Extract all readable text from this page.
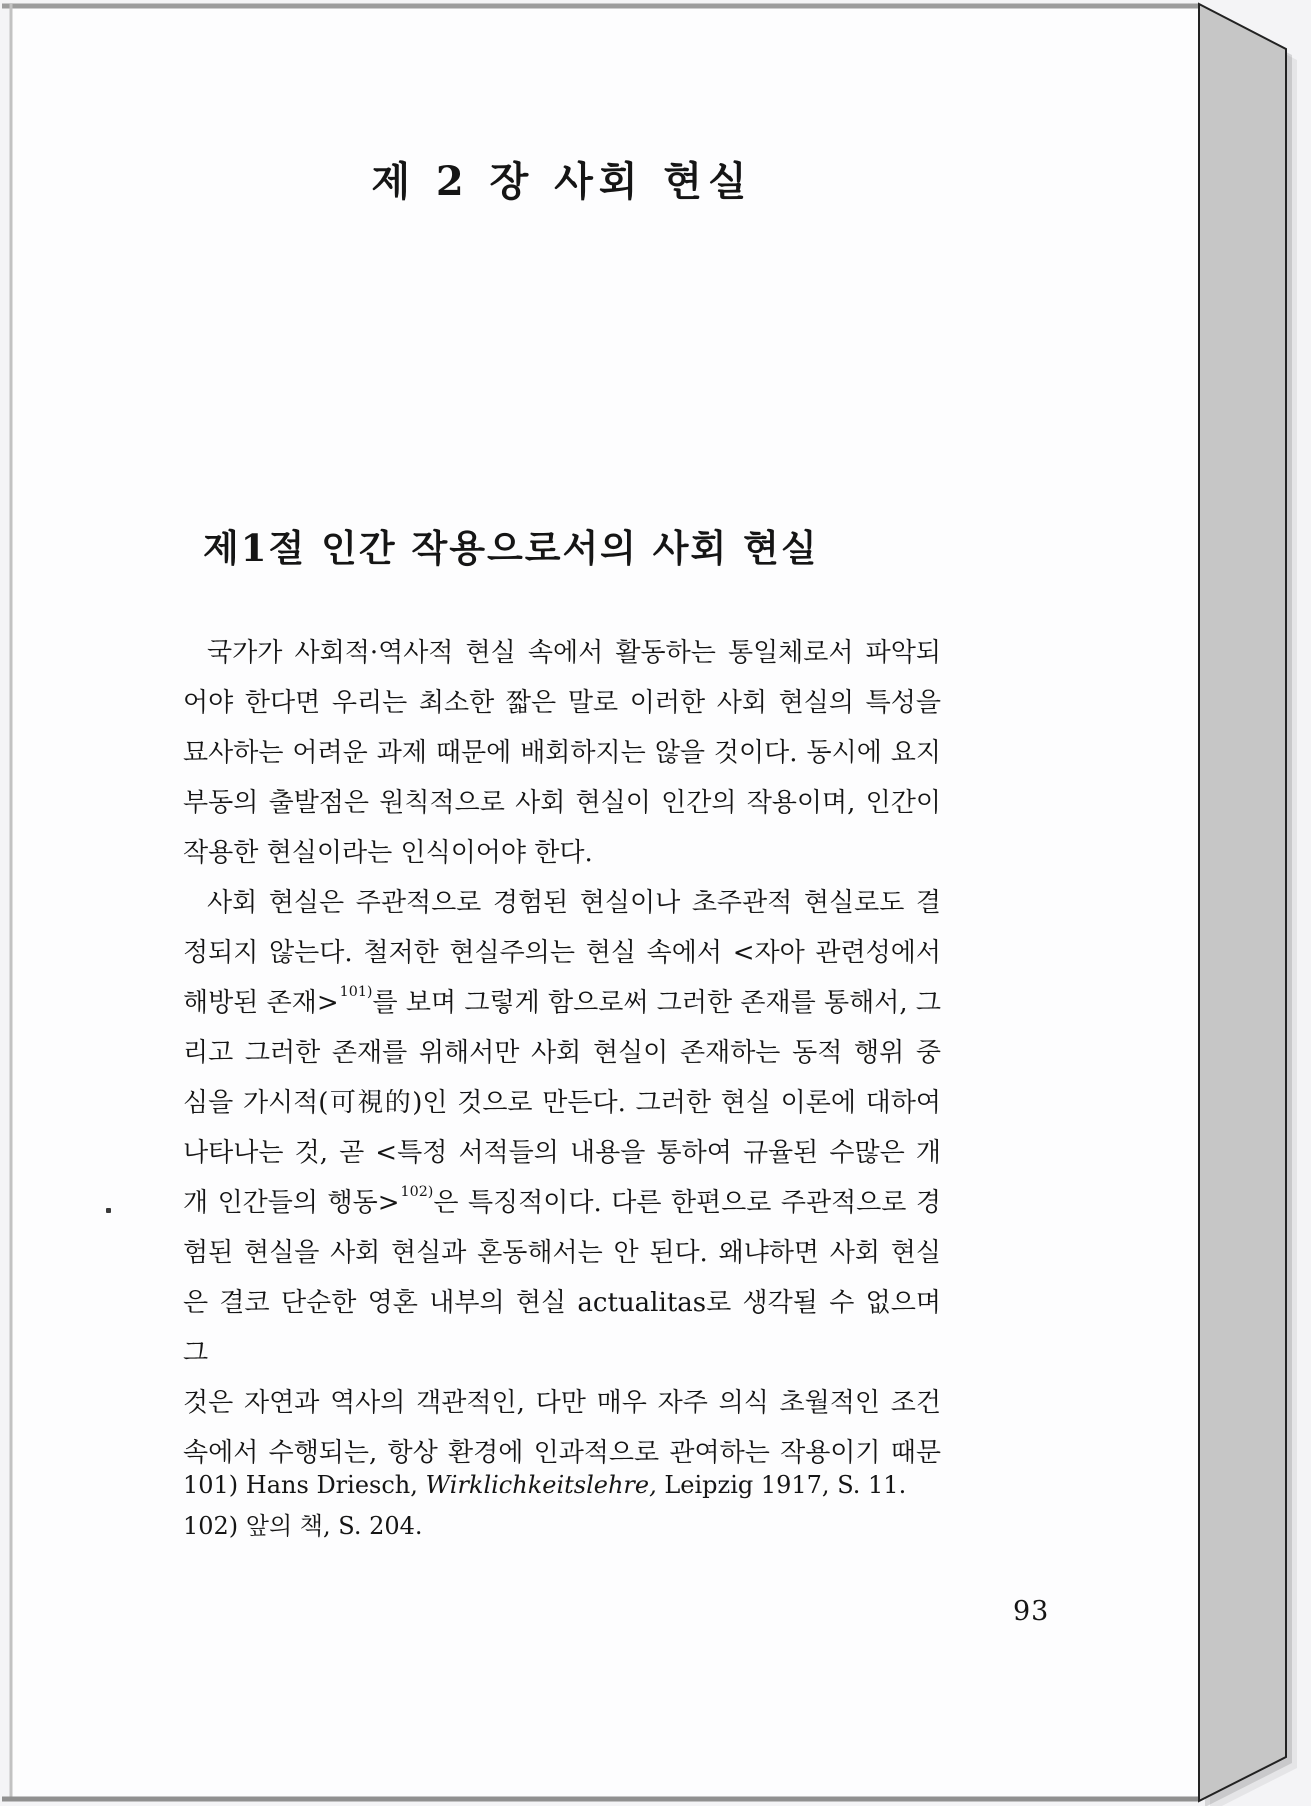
제 2 장 사회 현실
제1절 인간 작용으로서의 사회 현실
국가가 사회적·역사적 현실 속에서 활동하는 통일체로서 파악되
어야 한다면 우리는 최소한 짧은 말로 이러한 사회 현실의 특성을
묘사하는 어려운 과제 때문에 배회하지는 않을 것이다. 동시에 요지
부동의 출발점은 원칙적으로 사회 현실이 인간의 작용이며, 인간이
작용한 현실이라는 인식이어야 한다.
사회 현실은 주관적으로 경험된 현실이나 초주관적 현실로도 결
정되지 않는다. 철저한 현실주의는 현실 속에서 <자아 관련성에서
해방된 존재>$^{101)}$를 보며 그렇게 함으로써 그러한 존재를 통해서, 그
리고 그러한 존재를 위해서만 사회 현실이 존재하는 동적 행위 중
심을 가시적(可視的)인 것으로 만든다. 그러한 현실 이론에 대하여
나타나는 것, 곧 <특정 서적들의 내용을 통하여 규율된 수많은 개
개 인간들의 행동>$^{102)}$은 특징적이다. 다른 한편으로 주관적으로 경
험된 현실을 사회 현실과 혼동해서는 안 된다. 왜냐하면 사회 현실
은 결코 단순한 영혼 내부의 현실 actualitas로 생각될 수 없으며 그
것은 자연과 역사의 객관적인, 다만 매우 자주 의식 초월적인 조건
속에서 수행되는, 항상 환경에 인과적으로 관여하는 작용이기 때문
101) Hans Driesch, Wirklichkeitslehre, Leipzig 1917, S. 11.
102) 앞의 책, S. 204.
93
